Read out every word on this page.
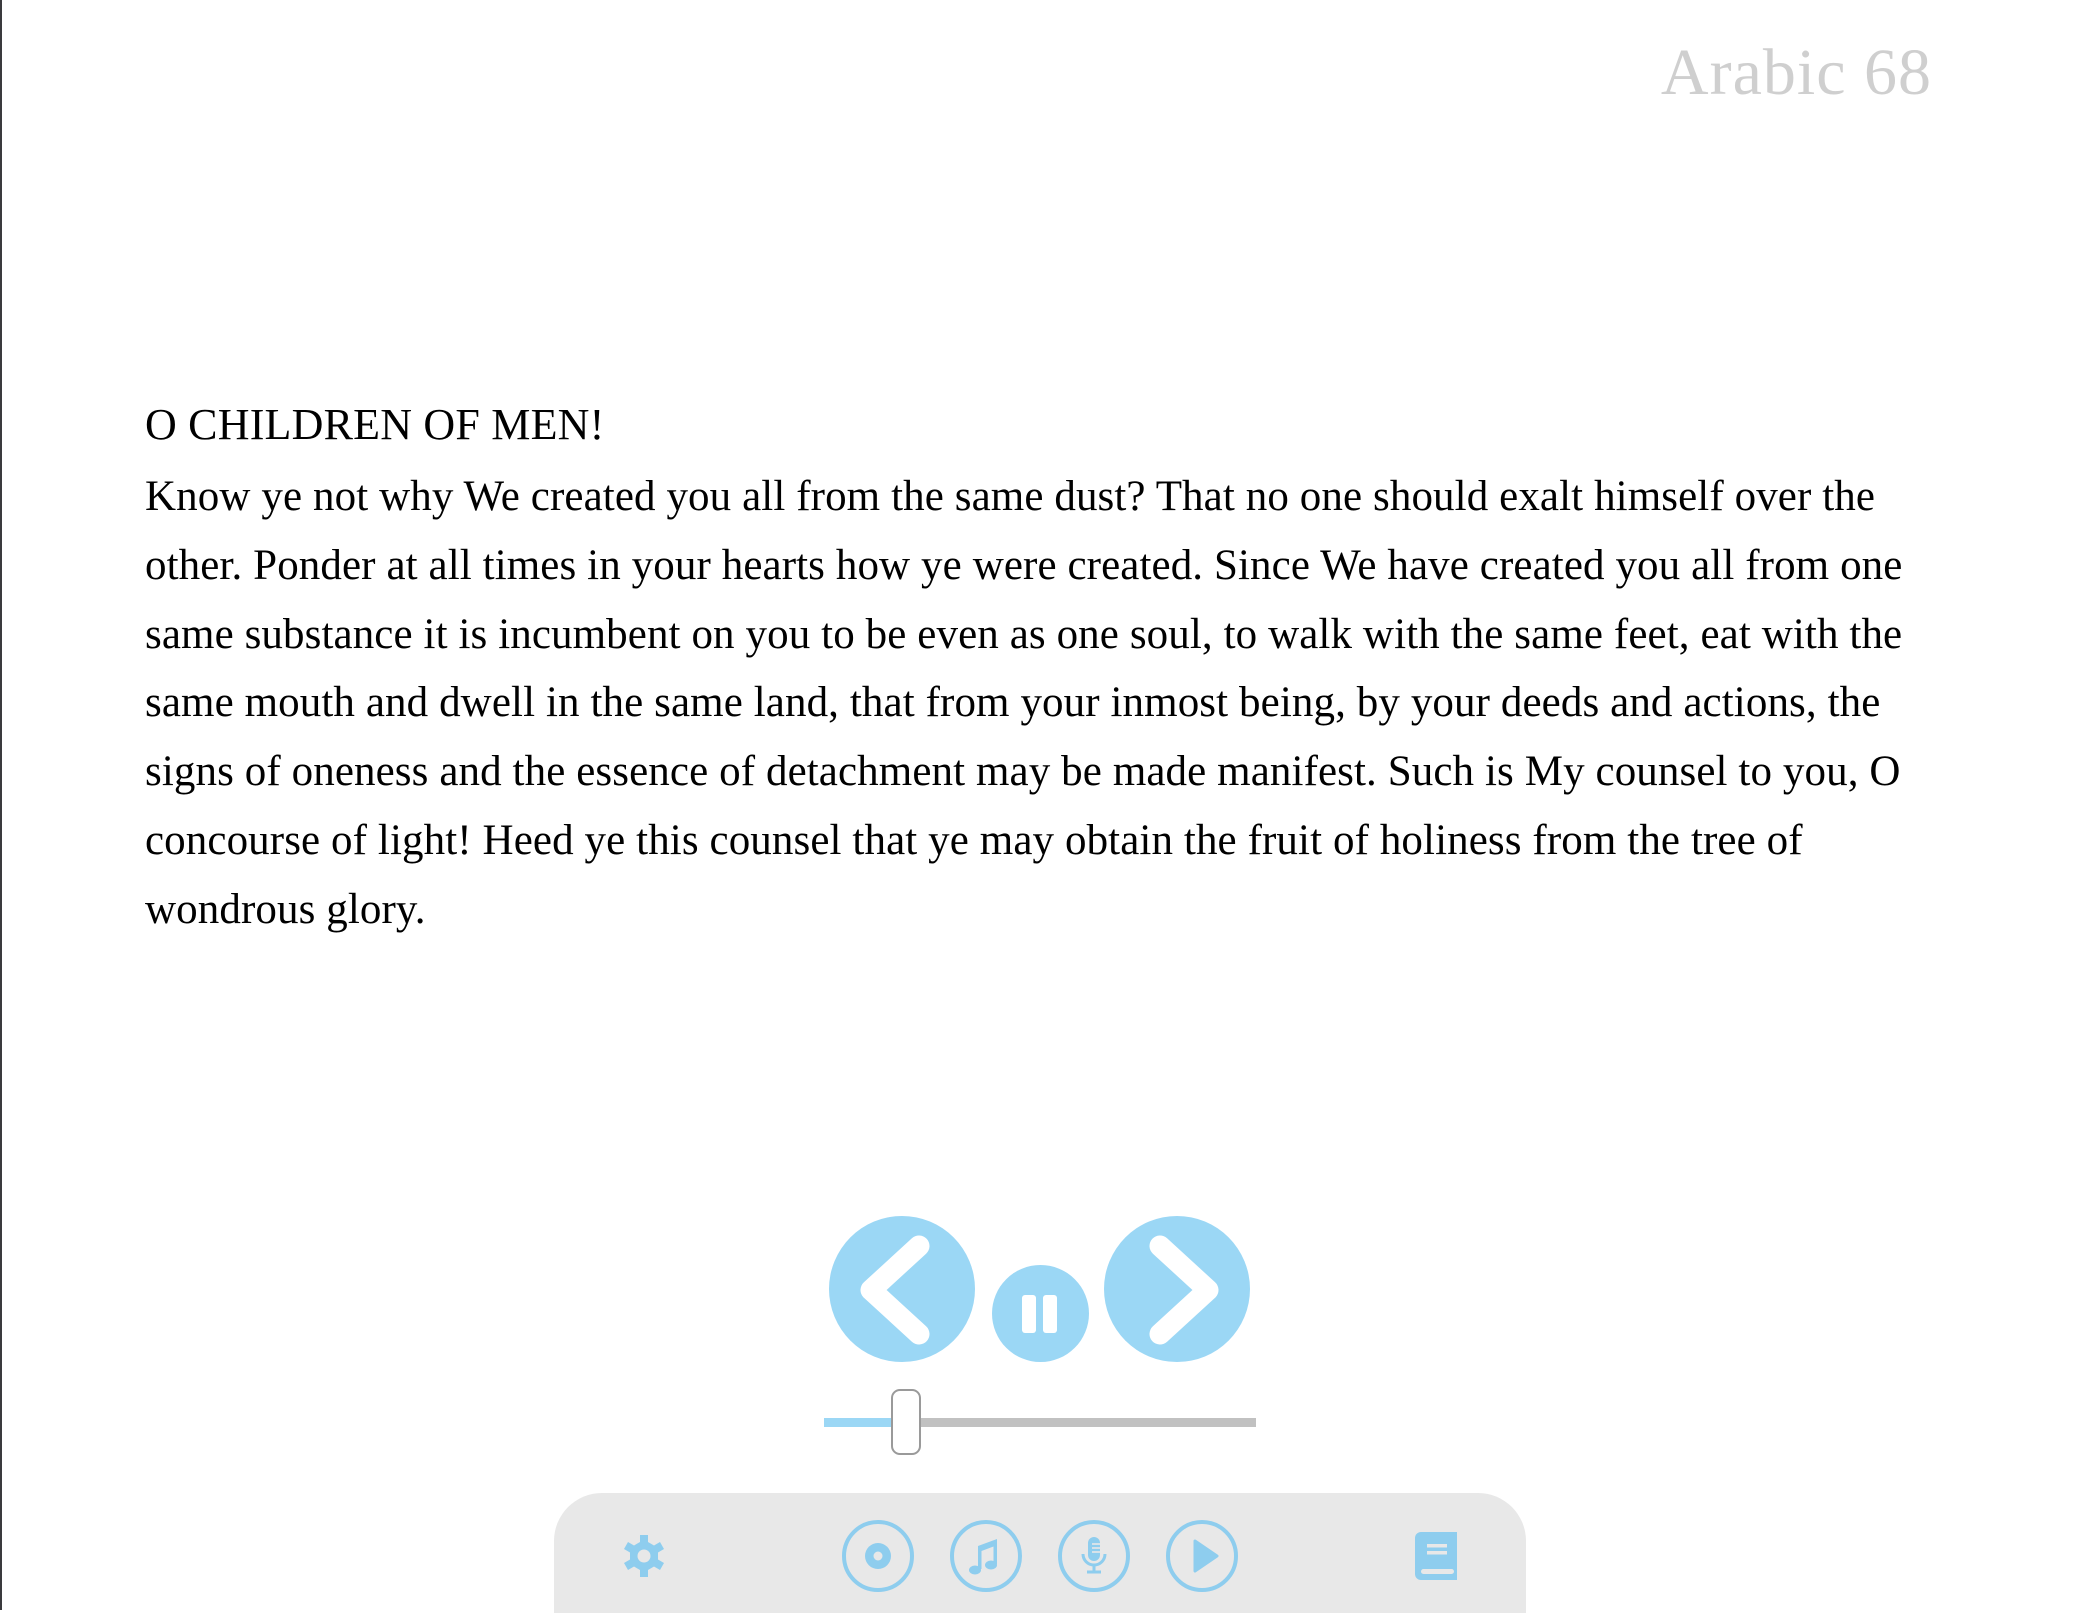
Arabic 68
O CHILDREN OF MEN!

Know ye not why We created you all from the same dust? That no one should exalt himself over the other. Ponder at all times in your hearts how ye were created. Since We have created you all from one same substance it is incumbent on you to be even as one soul, to walk with the same feet, eat with the same mouth and dwell in the same land, that from your inmost being, by your deeds and actions, the signs of oneness and the essence of detachment may be made manifest. Such is My counsel to you, O concourse of light! Heed ye this counsel that ye may obtain the fruit of holiness from the tree of wondrous glory.
